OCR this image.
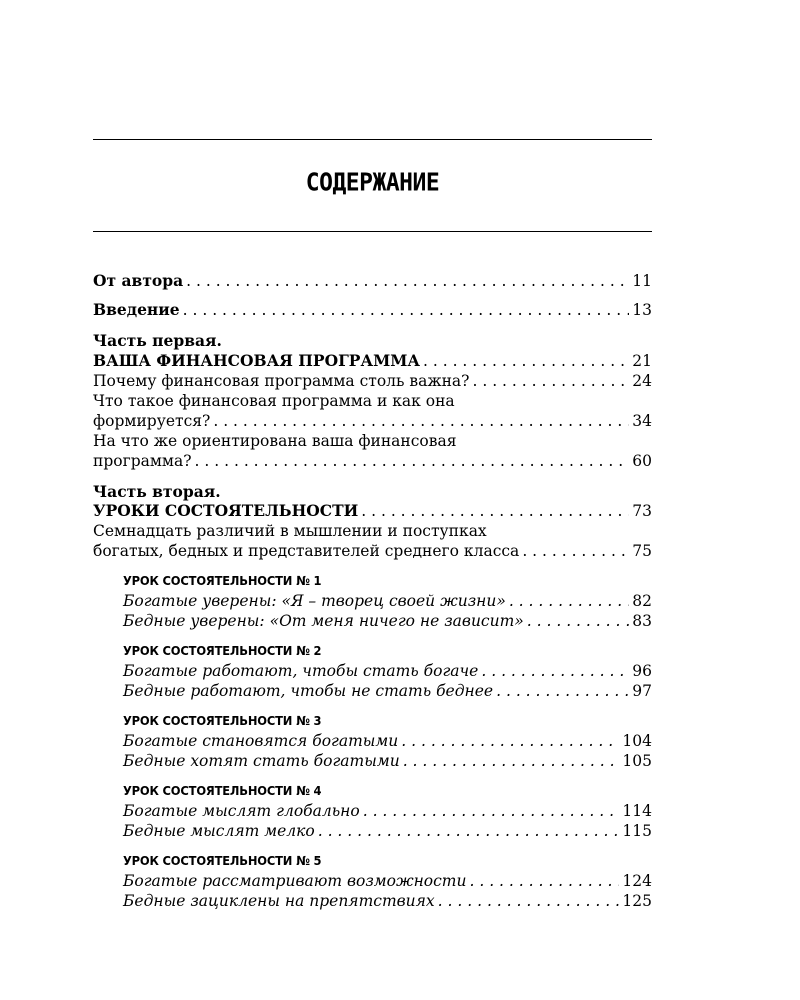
СОДЕРЖАНИЕ
От автора . . .	11
Введение . . .	13
Часть первая.
ВАША ФИНАНСОВАЯ ПРОГРАММА . . .	21
Почему финансовая программа столь важна? . . .	24
Что такое финансовая программа и как она
формируется? . . .	34
На что же ориентирована ваша финансовая
программа? . . .	60
Часть вторая.
УРОКИ СОСТОЯТЕЛЬНОСТИ . . .	73
Семнадцать различий в мышлении и поступках
богатых, бедных и представителей среднего класса . . .	75
УРОК СОСТОЯТЕЛЬНОСТИ № 1
Богатые уверены: «Я – творец своей жизни» . . .	82
Бедные уверены: «От меня ничего не зависит» . . .	83
УРОК СОСТОЯТЕЛЬНОСТИ № 2
Богатые работают, чтобы стать богаче . . .	96
Бедные работают, чтобы не стать беднее . . .	97
УРОК СОСТОЯТЕЛЬНОСТИ № 3
Богатые становятся богатыми . . .	104
Бедные хотят стать богатыми . . .	105
УРОК СОСТОЯТЕЛЬНОСТИ № 4
Богатые мыслят глобально . . .	114
Бедные мыслят мелко . . .	115
УРОК СОСТОЯТЕЛЬНОСТИ № 5
Богатые рассматривают возможности . . .	124
Бедные зациклены на препятствиях . . .	125
